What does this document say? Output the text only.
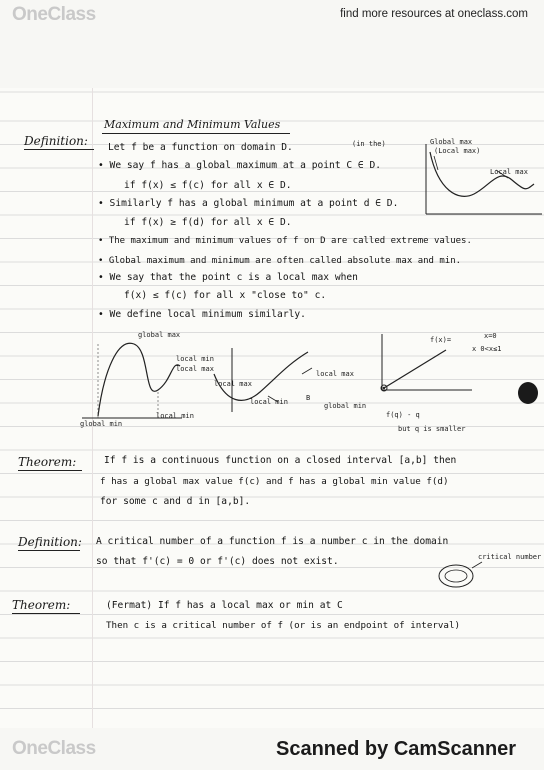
OneClass	find more resources at oneclass.com
Maximum and Minimum Values
Definition: Let f be a function on domain D.	(in the)
• We say f has a global maximum at a point C ∈ D.
if f(x) ≤ f(c) for all x ∈ D.
• Similarly f has a global minimum at a point d ∈ D.
if f(x) ≥ f(d) for all x ∈ D.
• The maximum and minimum values of f on D are called extreme values.
• Global maximum and minimum are often called absolute max and min.
• We say that the point c is a local max when
f(x) ≤ f(c) for all x "close to" c.
• We define local minimum similarly.
Global max
(Local max)
Local max
global max
local min
local max
global min
local min
local max
local min
local max
global min
B
f(x)=	x=0
x 0<x≤1
f(q) - q
but q is smaller
Theorem:	If f is a continuous function on a closed interval [a,b] then
f has a global max value f(c) and f has a global min value f(d)
for some c and d in [a,b].
Definition: A critical number of a function f is a number c in the domain
so that f'(c) = 0 or f'(c) does not exist.	critical number
Theorem:	(Fermat) If f has a local max or min at C
Then c is a critical number of f (or is an endpoint of interval)
OneClass	Scanned by CamScanner
